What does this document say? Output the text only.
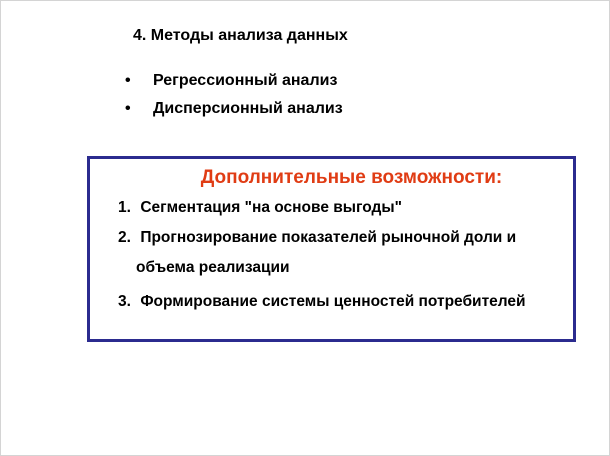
4. Методы анализа данных
• Регрессионный анализ
• Дисперсионный анализ
Дополнительные возможности:
1. Сегментация "на основе выгоды"
2. Прогнозирование показателей рыночной доли и
объема реализации
3. Формирование системы ценностей потребителей
